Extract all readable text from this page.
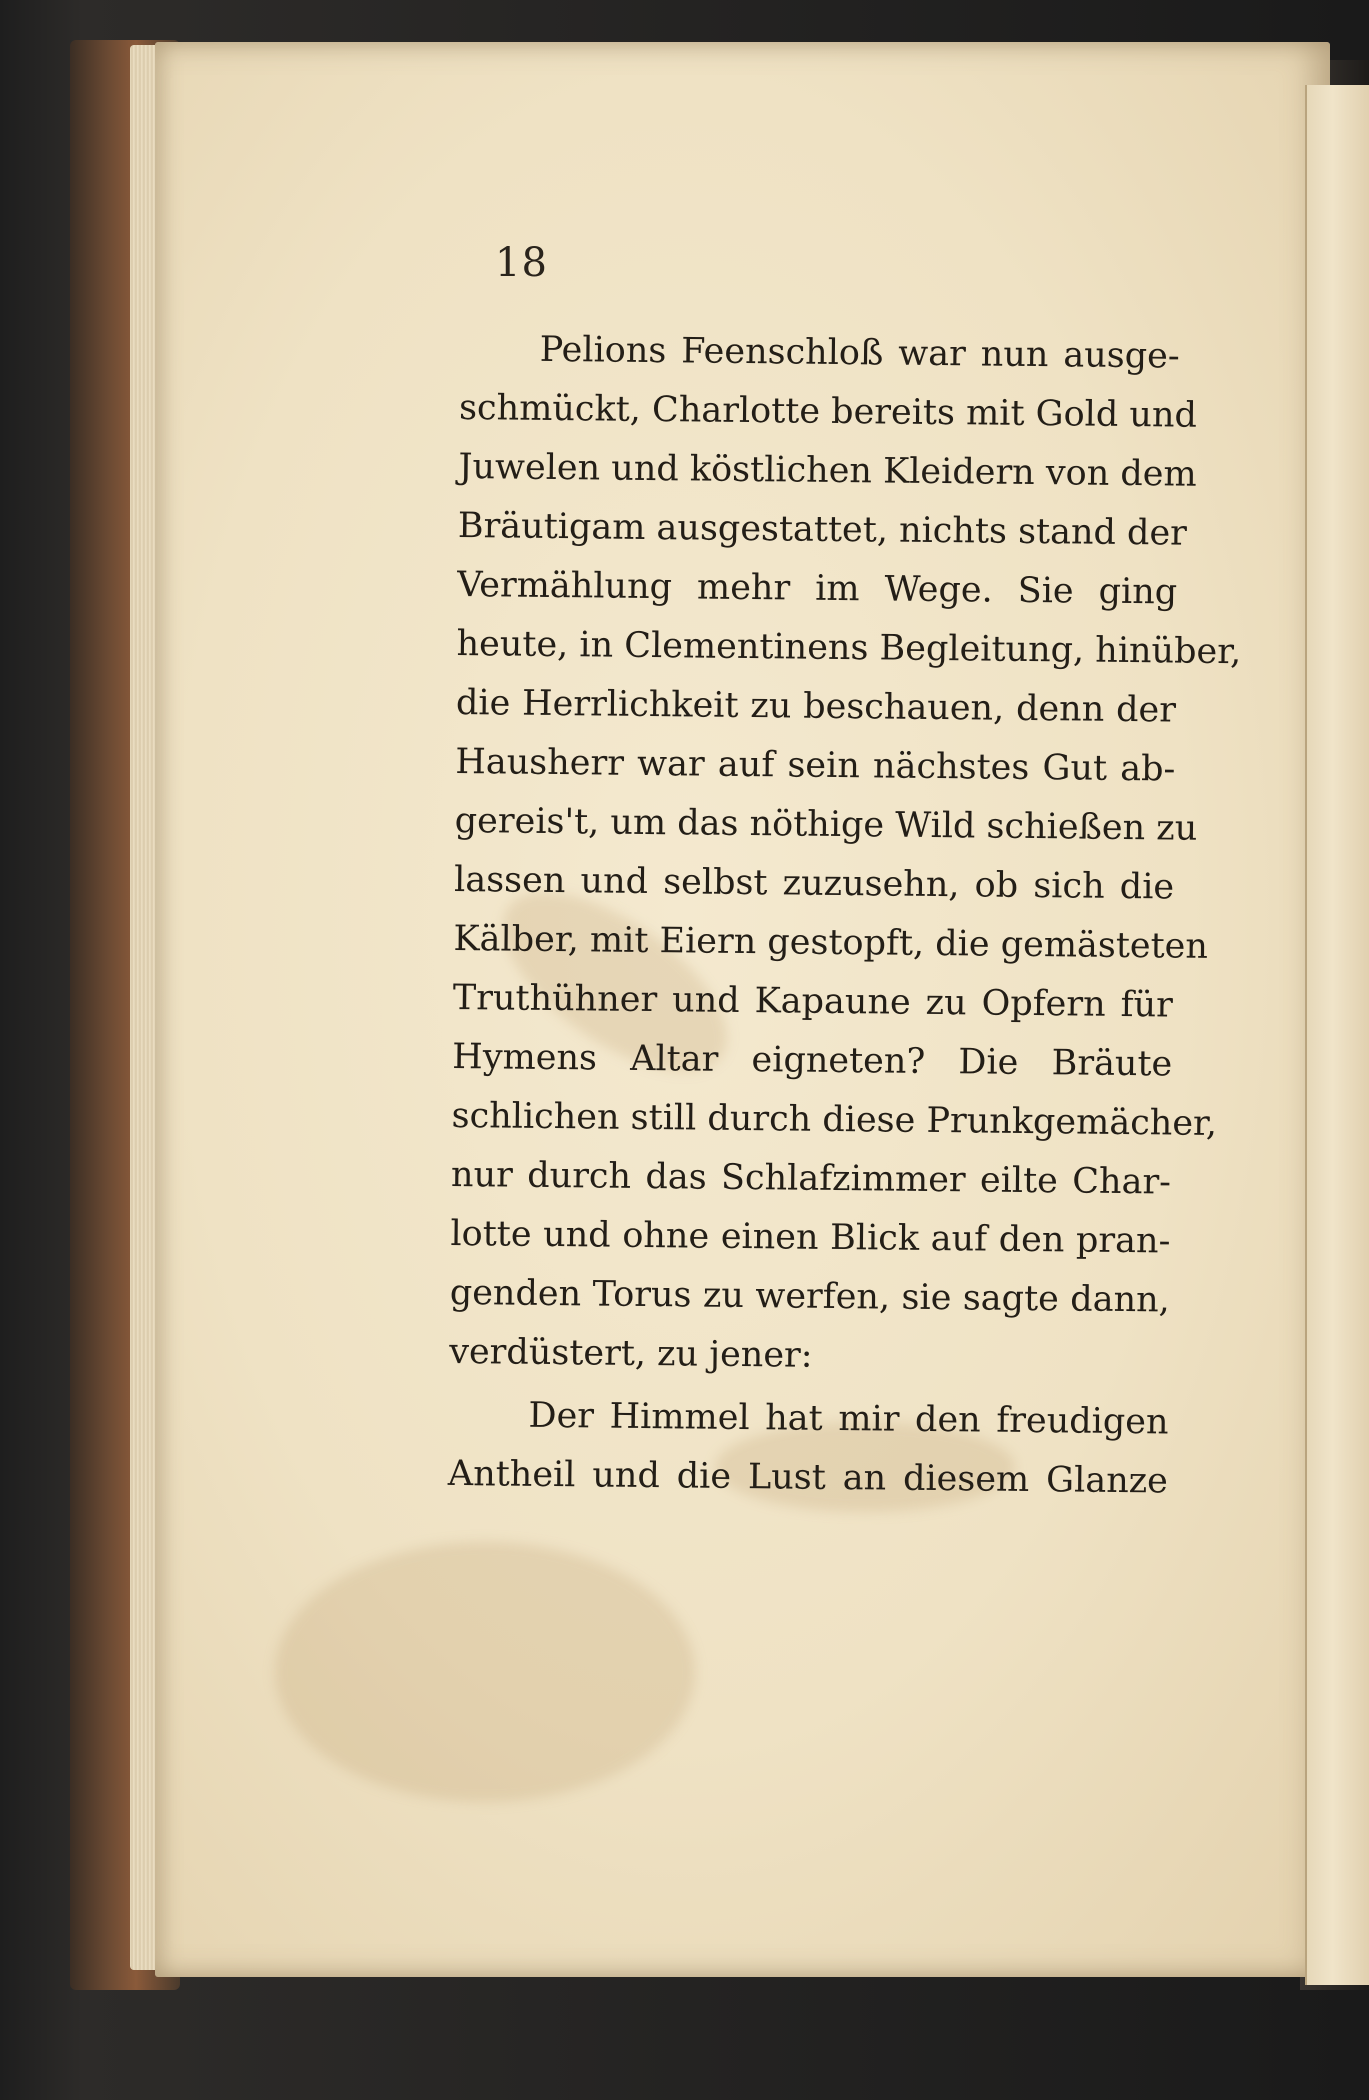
18
Pelions Feenschloß war nun ausge-
schmückt, Charlotte bereits mit Gold und
Juwelen und köstlichen Kleidern von dem
Bräutigam ausgestattet, nichts stand der
Vermählung mehr im Wege. Sie ging
heute, in Clementinens Begleitung, hinüber,
die Herrlichkeit zu beschauen, denn der
Hausherr war auf sein nächstes Gut ab-
gereis't, um das nöthige Wild schießen zu
lassen und selbst zuzusehn, ob sich die
Kälber, mit Eiern gestopft, die gemästeten
Truthühner und Kapaune zu Opfern für
Hymens Altar eigneten? Die Bräute
schlichen still durch diese Prunkgemächer,
nur durch das Schlafzimmer eilte Char-
lotte und ohne einen Blick auf den pran-
genden Torus zu werfen, sie sagte dann,
verdüstert, zu jener:
Der Himmel hat mir den freudigen
Antheil und die Lust an diesem Glanze
